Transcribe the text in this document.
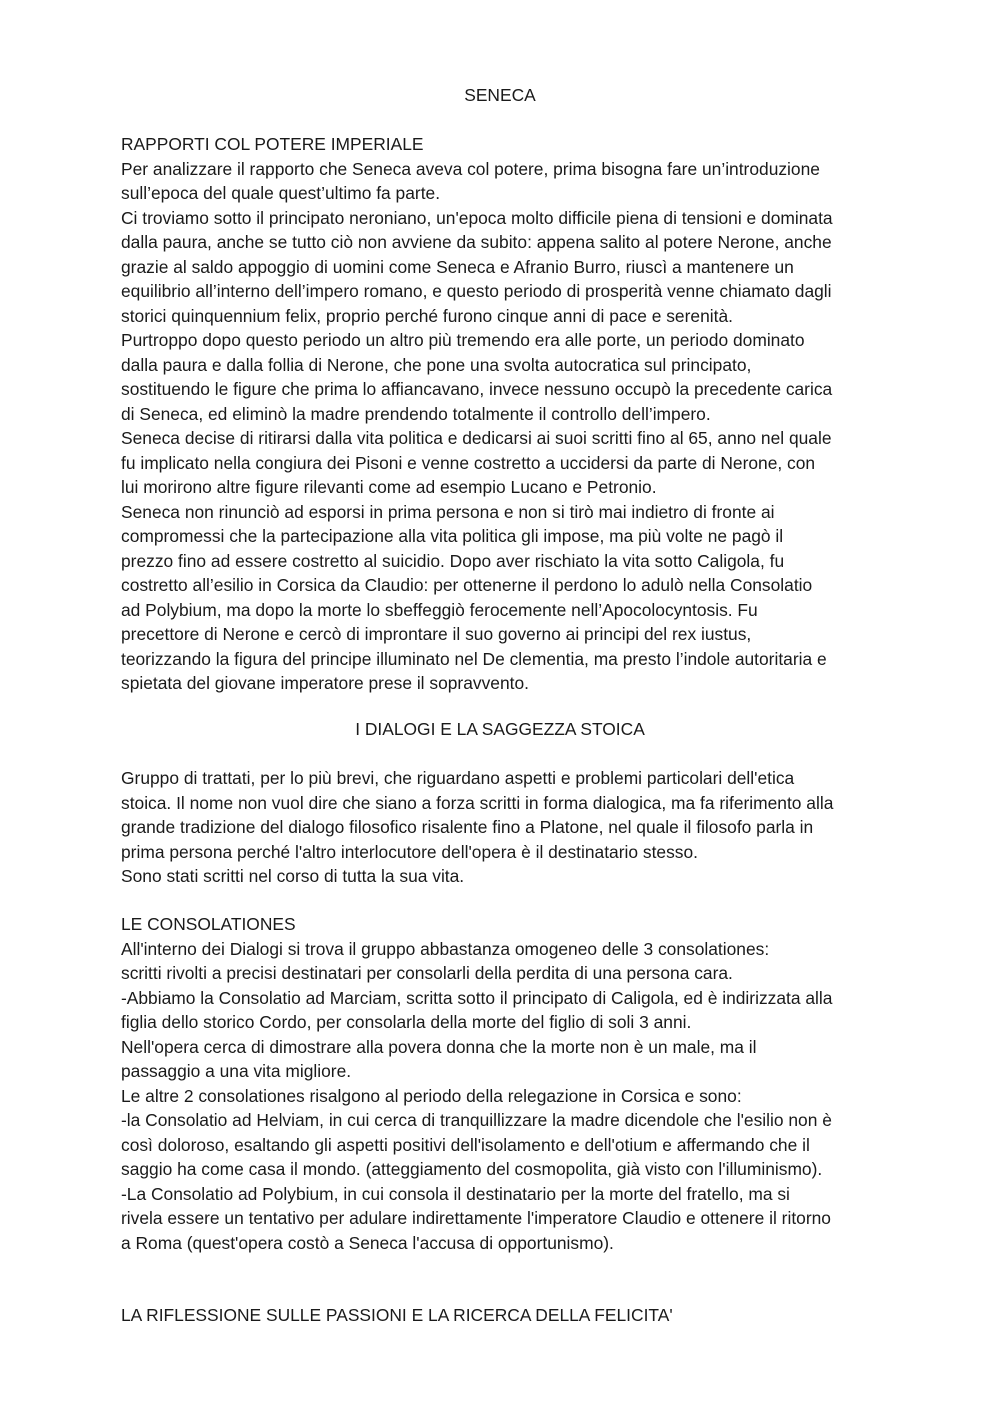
SENECA
RAPPORTI COL POTERE IMPERIALE
Per analizzare il rapporto che Seneca aveva col potere, prima bisogna fare un’introduzione
sull’epoca del quale quest’ultimo fa parte.
Ci troviamo sotto il principato neroniano, un'epoca molto difficile piena di tensioni e dominata
dalla paura, anche se tutto ciò non avviene da subito: appena salito al potere Nerone, anche
grazie al saldo appoggio di uomini come Seneca e Afranio Burro, riuscì a mantenere un
equilibrio all’interno dell’impero romano, e questo periodo di prosperità venne chiamato dagli
storici quinquennium felix, proprio perché furono cinque anni di pace e serenità.
Purtroppo dopo questo periodo un altro più tremendo era alle porte, un periodo dominato
dalla paura e dalla follia di Nerone, che pone una svolta autocratica sul principato,
sostituendo le figure che prima lo affiancavano, invece nessuno occupò la precedente carica
di Seneca, ed eliminò la madre prendendo totalmente il controllo dell’impero.
Seneca decise di ritirarsi dalla vita politica e dedicarsi ai suoi scritti fino al 65, anno nel quale
fu implicato nella congiura dei Pisoni e venne costretto a uccidersi da parte di Nerone, con
lui morirono altre figure rilevanti come ad esempio Lucano e Petronio.
Seneca non rinunciò ad esporsi in prima persona e non si tirò mai indietro di fronte ai
compromessi che la partecipazione alla vita politica gli impose, ma più volte ne pagò il
prezzo fino ad essere costretto al suicidio. Dopo aver rischiato la vita sotto Caligola, fu
costretto all’esilio in Corsica da Claudio: per ottenerne il perdono lo adulò nella Consolatio
ad Polybium, ma dopo la morte lo sbeffeggiò ferocemente nell’Apocolocyntosis. Fu
precettore di Nerone e cercò di improntare il suo governo ai principi del rex iustus,
teorizzando la figura del principe illuminato nel De clementia, ma presto l’indole autoritaria e
spietata del giovane imperatore prese il sopravvento.
I DIALOGI E LA SAGGEZZA STOICA
Gruppo di trattati, per lo più brevi, che riguardano aspetti e problemi particolari dell'etica
stoica. Il nome non vuol dire che siano a forza scritti in forma dialogica, ma fa riferimento alla
grande tradizione del dialogo filosofico risalente fino a Platone, nel quale il filosofo parla in
prima persona perché l'altro interlocutore dell'opera è il destinatario stesso.
Sono stati scritti nel corso di tutta la sua vita.
LE CONSOLATIONES
All'interno dei Dialogi si trova il gruppo abbastanza omogeneo delle 3 consolationes:
scritti rivolti a precisi destinatari per consolarli della perdita di una persona cara.
-Abbiamo la Consolatio ad Marciam, scritta sotto il principato di Caligola, ed è indirizzata alla
figlia dello storico Cordo, per consolarla della morte del figlio di soli 3 anni.
Nell'opera cerca di dimostrare alla povera donna che la morte non è un male, ma il
passaggio a una vita migliore.
Le altre 2 consolationes risalgono al periodo della relegazione in Corsica e sono:
-la Consolatio ad Helviam, in cui cerca di tranquillizzare la madre dicendole che l'esilio non è
così doloroso, esaltando gli aspetti positivi dell'isolamento e dell'otium e affermando che il
saggio ha come casa il mondo. (atteggiamento del cosmopolita, già visto con l'illuminismo).
-La Consolatio ad Polybium, in cui consola il destinatario per la morte del fratello, ma si
rivela essere un tentativo per adulare indirettamente l'imperatore Claudio e ottenere il ritorno
a Roma (quest'opera costò a Seneca l'accusa di opportunismo).
LA RIFLESSIONE SULLE PASSIONI E LA RICERCA DELLA FELICITA'
